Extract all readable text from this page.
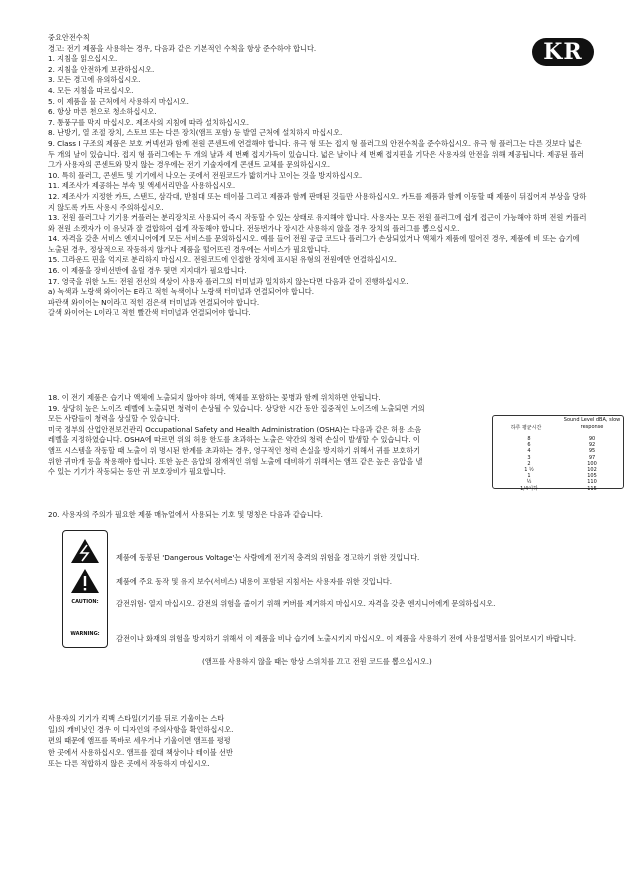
KR

중요안전수칙

경고: 전기 제품을 사용하는 경우, 다음과 같은 기본적인 수칙을 항상 준수하야 합니다.

1. 지침을 읽으십시오.

2. 지침을 안전하게 보관하십시오.

3. 모든 경고에 유의하십시오.

4. 모든 지침을 따르십시오.

5. 이 제품을 물 근처에서 사용하지 마십시오.

6. 항상 마른 천으로 청소하십시오.

7. 통풍구를 막지 마십시오. 제조사의 지침에 따라 설치하십시오.

8. 난방기, 열 조절 장치, 스토브 또는 다른 장치(앰프 포함) 등 발열 근처에 설치하지 마십시오.

9. Class I 구조의 제품은 보호 커넥션과 함께 전원 콘센트에 연결해야 합니다. 유극 형 또는 접지 형 플러그의 안전수칙을 준수하십시오. 유극 형 플러그는 다른 것보다 넓은 두 개의 날이 있습니다. 접지 형 플러그에는 두 개의 날과 세 번째 접지가득이 있습니다. 넓은 날이나 세 번째 접지핀을 기닥은 사용자의 안전을 위해 제공됩니다. 제공된 플러그가 사용자의 콘센트와 맞지 않는 경우에는 전기 기술자에게 콘센트 교체를 문의하십시오.

10. 특히 플러그, 콘센트 및 기기에서 나오는 곳에서 전원코드가 밟히거나 꼬이는 것을 방지하십시오.

11. 제조사가 제공하는 부속 및 액세서리만을 사용하십시오.

12. 제조사가 지정한 카트, 스탠드, 삼각대, 받침대 또는 테이블 그리고 제품과 함께 판매된 것들만 사용하십시오. 카트를 제품과 함께 이동할 때 제품이 뒤집어져 부상을 당하지 않도록 카트 사용시 주의하십시오.

13. 전원 플러그나 기기용 커플러는 분리장치로 사용되어 즉시 작동할 수 있는 상태로 유지해야 합니다. 사용자는 모든 전원 플러그에 쉽게 접근이 가능해야 하며 전원 커플러와 전원 소켓자가 이 유닛과 잘 결합하여 쉽게 작동해야 합니다. 전등번가나 장시간 사용하지 않을 경우 장치의 플러그를 뽑으십시오.

14. 자격을 갖춘 서비스 엔지니어에게 모든 서비스를 문의하십시오. 예를 들어 전원 공급 코드나 플러그가 손상되었거나 액체가 제품에 떨어진 경우, 제품에 비 또는 습기에 노출된 경우, 정상적으로 작동하지 않거나 제품을 떨어뜨린 경우에는 서비스가 필요합니다.

15. 그라운드 핀을 억지로 분리하지 마십시오. 전원코드에 인접한 장치에 표시된 유형의 전원에만 연결하십시오.

16. 이 제품을 장비선반에 올릴 경우 뒷면 지지대가 필요합니다.

17. 영국을 위한 노트: 전원 전선의 색상이 사용자 플러그의 터미널과 일치하지 않는다면 다음과 같이 진행하십시오.

a) 녹색과 노랑색 와이어는 E라고 적힌 녹색이나 노랑색 터미널과 연결되어야 합니다.

파란색 와이어는 N이라고 적힌 검은색 터미널과 연결되어야 합니다.

갈색 와이어는 L이라고 적힌 빨간색 터미널과 연결되어야 합니다.

18. 이 전기 제품은 습기나 액체에 노출되지 않아야 하며, 액체를 포함하는 꽃병과 함께 위치하면 안됩니다.

19. 상당히 높은 노이즈 레벨에 노출되면 청력이 손상될 수 있습니다. 상당한 시간 동안 집중적인 노이즈에 노출되면 거의 모든 사람들이 청력을 상실할 수 있습니다.

미국 정부의 산업안전보건관리 Occupational Safety and Health Administration (OSHA)는 다음과 같은 허용 소음 레벨을 지정하였습니다. OSHA에 따르면 위의 허용 한도를 초과하는 노출은 약간의 청력 손실이 발생할 수 있습니다. 이 앰프 시스템을 작동할 때 노출이 위 명시된 한계를 초과하는 경우, 영구적인 청력 손실을 방지하기 위해서 귀를 보호하기 위한 귀마개 등을 착용해야 합니다. 또한 높은 음압의 잠재적인 위험 노출에 대비하기 위해서는 앰프 같은 높은 음압을 낼 수 있는 기기가 작동되는 동안 귀 보호장비가 필요합니다.

하루 평균시간
Sound Level dBA, slow response
8	90
6	92
4	95
3	97
2	100
1 ½	102
1	105
½	110
1/4이하	115
20. 사용자의 주의가 필요한 제품 매뉴얼에서 사용되는 기호 및 명칭은 다음과 같습니다.
CAUTION:
WARNING:
제품에 동봉된 'Dangerous Voltage'는 사람에게 전기적 충격의 위험을 경고하기 위한 것입니다.
제품에 주요 동작 및 유지 보수(서비스) 내용이 포함된 지침서는 사용자를 위한 것입니다.
감전위험- 열지 마십시오. 감전의 위험을 줄이기 위해 커버를 제거하지 마십시오. 자격을 갖춘 엔지니어에게 문의하십시오.
감전이나 화재의 위험을 방지하기 위해서 이 제품을 비나 습기에 노출시키지 마십시오. 이 제품을 사용하기 전에 사용설명서를 읽어보시기 바랍니다.
(앰프를 사용하지 않을 때는 항상 스위치를 끄고 전원 코드를 뽑으십시오.)

사용자의 기기가 킥백 스타일(기기를 뒤로 기울이는 스타

일)의 캐비닛인 경우 이 디자인의 주의사항을 확인하십시오.

편의 때문에 앰프를 똑바로 세우거나 기울이면 앰프를 평평

한 곳에서 사용하십시오. 앰프를 절대 책상이나 테이블 선반

또는 다른 적합하지 않은 곳에서 작동하지 마십시오.
